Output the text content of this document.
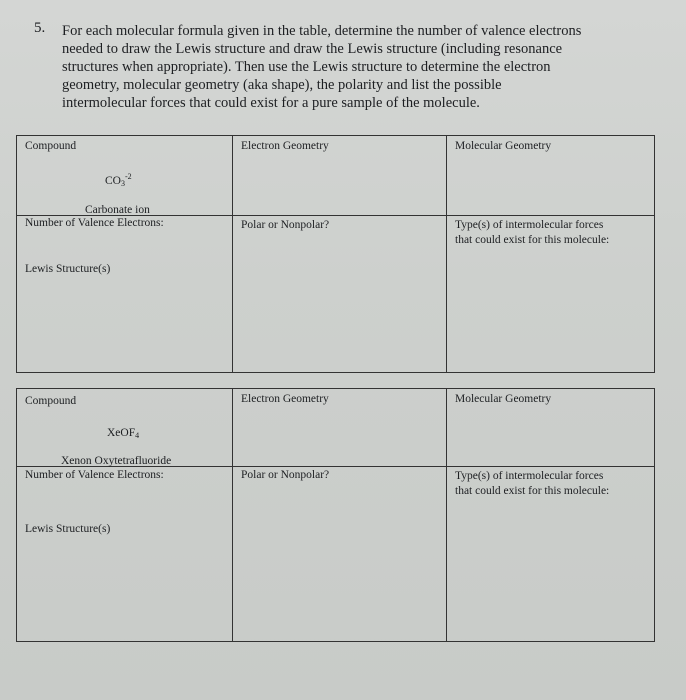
5. For each molecular formula given in the table, determine the number of valence electrons

needed to draw the Lewis structure and draw the Lewis structure (including resonance

structures when appropriate). Then use the Lewis structure to determine the electron

geometry, molecular geometry (aka shape), the polarity and list the possible

intermolecular forces that could exist for a pure sample of the molecule.

Compound
$CO_3^{-2}$
Carbonate ion	Electron Geometry	Molecular Geometry

Number of Valence Electrons:
Lewis Structure(s)	Polar or Nonpolar?	Type(s) of intermolecular forces
that could exist for this molecule:
Compound
XeOF$_4$
Xenon Oxytetrafluoride	Electron Geometry	Molecular Geometry

Number of Valence Electrons:
Lewis Structure(s)	Polar or Nonpolar?	Type(s) of intermolecular forces
that could exist for this molecule:
